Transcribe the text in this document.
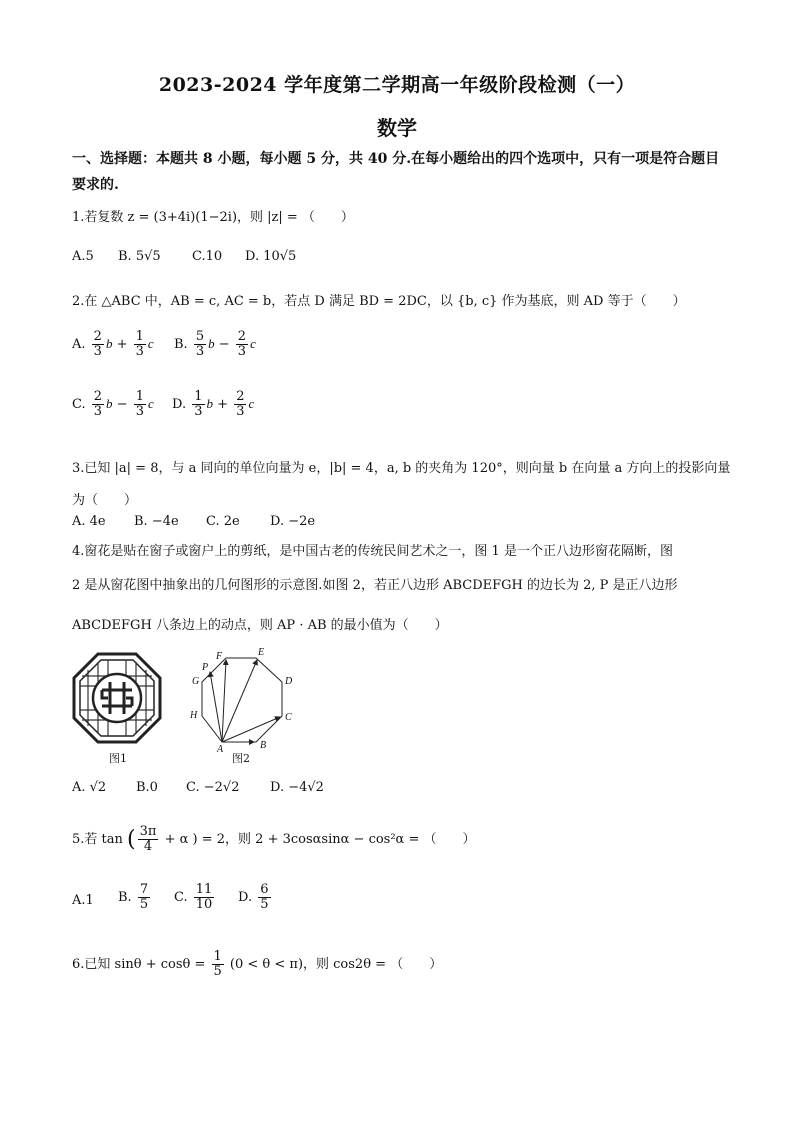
2023-2024 学年度第二学期高一年级阶段检测（一）
数学
一、选择题：本题共 8 小题，每小题 5 分，共 40 分.在每小题给出的四个选项中，只有一项是符合题目要求的.
1.若复数 z = (3+4i)(1−2i)，则 |z| = （　　）
A.5 B. 5√5 C.10 D. 10√5
2.在 △ABC 中，AB = c, AC = b，若点 D 满足 BD = 2DC，以 {b, c} 作为基底，则 AD 等于（　　）
A. $\frac{2}{3}$ $b + \frac{1}{3}$ c B. $\frac{5}{3}$ $b - \frac{2}{3}$ c
C. $\frac{2}{3}$ $b - \frac{1}{3}$ c D. $\frac{1}{3}$ $b + \frac{2}{3}$ c
3.已知 |a| = 8，与 a 同向的单位向量为 e，|b| = 4，a, b 的夹角为 120°，则向量 b 在向量 a 方向上的投影向量
为（　　）
A. 4e B. −4e C. 2e D. −2e
4.窗花是贴在窗子或窗户上的剪纸，是中国古老的传统民间艺术之一，图 1 是一个正八边形窗花隔断，图
2 是从窗花图中抽象出的几何图形的示意图.如图 2，若正八边形 ABCDEFGH 的边长为 2, P 是正八边形
ABCDEFGH 八条边上的动点，则 AP · AB 的最小值为（　　）
图1
A	B
C
D
E
F
G
H
P
图2
A. √2 B.0 C. −2√2 D. −4√2
5.若 tan ( $\frac{3\pi}{4} + \alpha$ ) = 2，则 2 + 3cosαsinα − cos²α = （　　）
A.1 B. $\frac{7}{5} C$. $\frac{11}{10} D$. $\frac{6}{5}$
6.已知 $\sin\theta + \cos\theta = \frac{1}{5} (0 < \theta < \pi)$，则 cos2θ = （　　）
